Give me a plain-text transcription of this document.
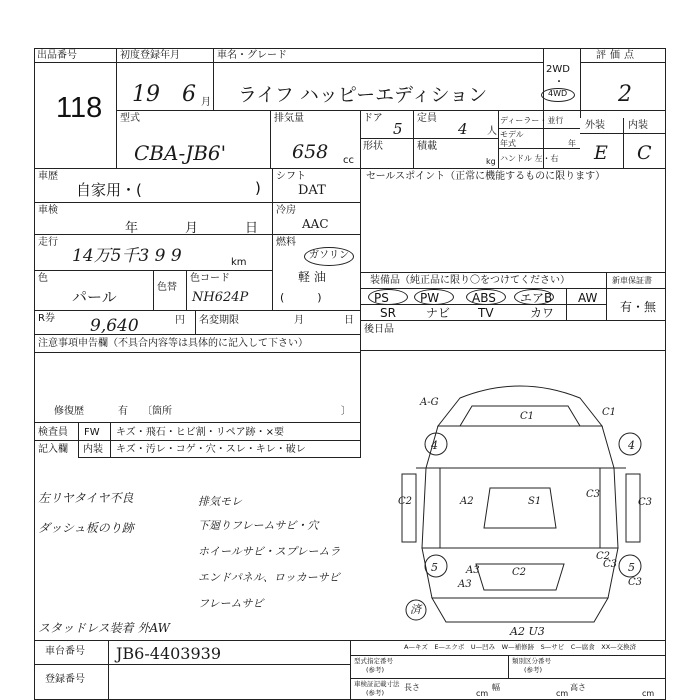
出品番号
118
初度登録年月
19 6 月
車名・グレード
ライフ ハッピーエディション
2WD
・
4WD
評価点
2
型式
CBA-JB6'
排気量
658 cc
ドア
5
定員
4 人
形状	積載
kg
ディーラー・並行
モデル
年式	年
ハンドル 左・右
外装 内装
E C
車歴
自家用・(	)
シフト
DAT
セールスポイント（正常に機能するものに限ります）
車検
年	月	日
冷房
AAC
走行
14万5千3 9 9	km
燃料
ガソリン
軽 油
(　　　)
色
パール
色替
色コード
NH624P
装備品（純正品に限り〇をつけてください）	新車保証書
有・無
PS	PW	ABS エアB AW
SR	ナビ TV	カワ
R券 9,640	円 名変期限	月	日
後日品
注意事項申告欄（不具合内容等は具体的に記入して下さい）
修復歴	有 〔箇所	〕
検査員
記入欄
FW キズ・飛石・ヒビ割・リペア跡・×要
内装 キズ・汚レ・コゲ・穴・スレ・キレ・破レ
左リヤタイヤ不良
ダッシュ板のり跡
排気モレ
下廻りフレームサビ・穴
ホイールサビ・スプレームラ
エンドパネル、ロッカーサビ
フレームサビ
スタッドレス装着 外AW
A-G
C1	C1
C2
C3
A2	S1	C3
A3	C3
C2
C3
C2
A3
4	4
5	5
A2 U3
済
車台番号 JB6-4403939
登録番号
A—キズ　E—エクボ　U—凹み　W—補修跡　S—サビ　C—腐食　XX—交換済
型式指定番号
(参考)
類別区分番号
(参考)
車検証記載寸法
(参考)
長さ
cm
幅
cm
高さ
cm
